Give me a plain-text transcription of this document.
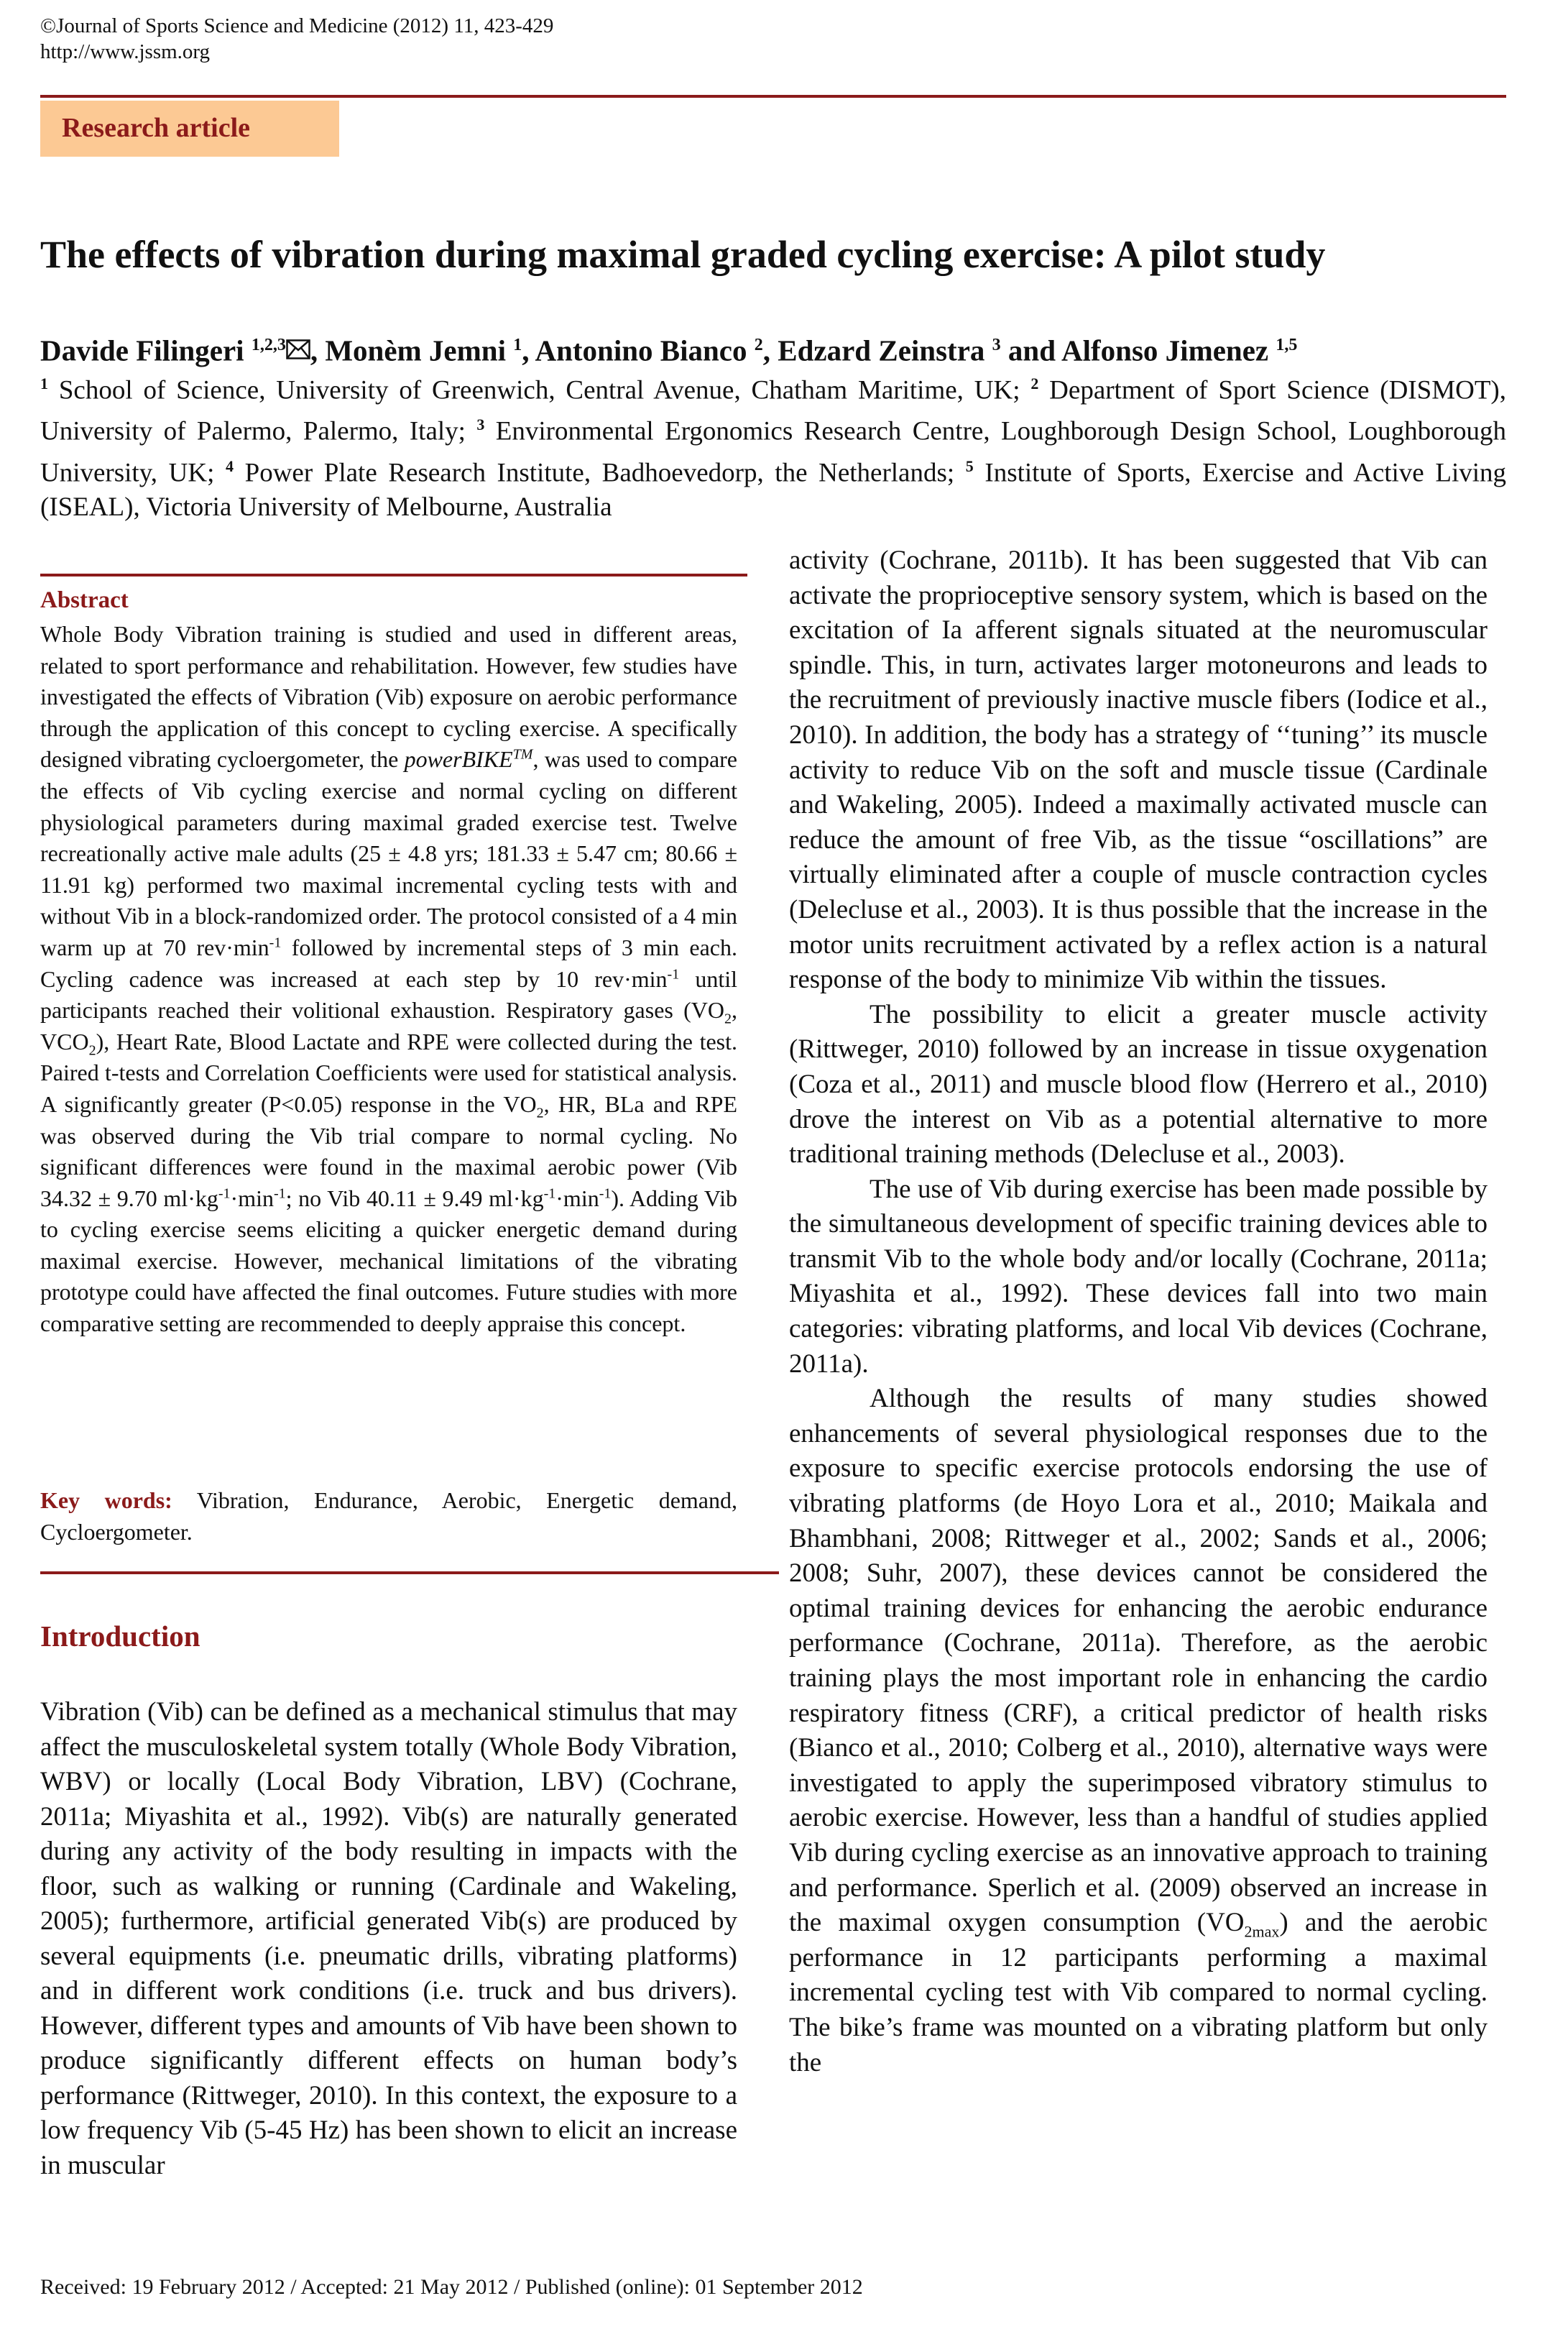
©Journal of Sports Science and Medicine (2012) 11, 423-429
http://www.jssm.org
Research article
The effects of vibration during maximal graded cycling exercise: A pilot study
Davide Filingeri $^{1,2,3}$ , Monèm Jemni $^1$, Antonino Bianco $^2$, Edzard Zeinstra $^3$ and Alfonso Jimenez $^{1,5}$
$^1$ School of Science, University of Greenwich, Central Avenue, Chatham Maritime, UK; $^2$ Department of Sport Science (DISMOT), University of Palermo, Palermo, Italy; $^3$ Environmental Ergonomics Research Centre, Loughborough Design School, Loughborough University, UK; $^4$ Power Plate Research Institute, Badhoevedorp, the Netherlands; $^5$ Institute of Sports, Exercise and Active Living (ISEAL), Victoria University of Melbourne, Australia
Abstract
Whole Body Vibration training is studied and used in different areas, related to sport performance and rehabilitation. However, few studies have investigated the effects of Vibration (Vib) exposure on aerobic performance through the application of this concept to cycling exercise. A specifically designed vibrating cycloergometer, the powerBIKE™, was used to compare the effects of Vib cycling exercise and normal cycling on different physiological parameters during maximal graded exercise test. Twelve recreationally active male adults (25 ± 4.8 yrs; 181.33 ± 5.47 cm; 80.66 ± 11.91 kg) performed two maximal incremental cycling tests with and without Vib in a block-randomized order. The protocol consisted of a 4 min warm up at 70 $rev\cdot\min^{-1}$ followed by incremental steps of 3 min each. Cycling cadence was increased at each step by 10 $rev\cdot\min^{-1}$ until participants reached their volitional exhaustion. Respiratory gases ($VO_2$, $VCO_2$), Heart Rate, Blood Lactate and RPE were collected during the test. Paired t-tests and Correlation Coefficients were used for statistical analysis. A significantly greater (P<0.05) response in the $VO_2$, HR, BLa and RPE was observed during the Vib trial compare to normal cycling. No significant differences were found in the maximal aerobic power (Vib 34.32 ± 9.70 $ml\cdot kg^{-1}\cdot\min^{-1}$; no Vib 40.11 ± 9.49 $ml\cdot kg^{-1}\cdot\min^{-1}$). Adding Vib to cycling exercise seems eliciting a quicker energetic demand during maximal exercise. However, mechanical limitations of the vibrating prototype could have affected the final outcomes. Future studies with more comparative setting are recommended to deeply appraise this concept.
Key words: Vibration, Endurance, Aerobic, Energetic demand, Cycloergometer.
Introduction
Vibration (Vib) can be defined as a mechanical stimulus that may affect the musculoskeletal system totally (Whole Body Vibration, WBV) or locally (Local Body Vibration, LBV) (Cochrane, 2011a; Miyashita et al., 1992). Vib(s) are naturally generated during any activity of the body resulting in impacts with the floor, such as walking or running (Cardinale and Wakeling, 2005); furthermore, artificial generated Vib(s) are produced by several equipments (i.e. pneumatic drills, vibrating platforms) and in different work conditions (i.e. truck and bus drivers). However, different types and amounts of Vib have been shown to produce significantly different effects on human body’s performance (Rittweger, 2010). In this context, the exposure to a low frequency Vib (5-45 Hz) has been shown to elicit an increase in muscular

activity (Cochrane, 2011b). It has been suggested that Vib can activate the proprioceptive sensory system, which is based on the excitation of Ia afferent signals situated at the neuromuscular spindle. This, in turn, activates larger motoneurons and leads to the recruitment of previously inactive muscle fibers (Iodice et al., 2010). In addition, the body has a strategy of ‘‘tuning’’ its muscle activity to reduce Vib on the soft and muscle tissue (Cardinale and Wakeling, 2005). Indeed a maximally activated muscle can reduce the amount of free Vib, as the tissue “oscillations” are virtually eliminated after a couple of muscle contraction cycles (Delecluse et al., 2003). It is thus possible that the increase in the motor units recruitment activated by a reflex action is a natural response of the body to minimize Vib within the tissues.

The possibility to elicit a greater muscle activity (Rittweger, 2010) followed by an increase in tissue oxygenation (Coza et al., 2011) and muscle blood flow (Herrero et al., 2010) drove the interest on Vib as a potential alternative to more traditional training methods (Delecluse et al., 2003).

The use of Vib during exercise has been made possible by the simultaneous development of specific training devices able to transmit Vib to the whole body and/or locally (Cochrane, 2011a; Miyashita et al., 1992). These devices fall into two main categories: vibrating platforms, and local Vib devices (Cochrane, 2011a).

Although the results of many studies showed enhancements of several physiological responses due to the exposure to specific exercise protocols endorsing the use of vibrating platforms (de Hoyo Lora et al., 2010; Maikala and Bhambhani, 2008; Rittweger et al., 2002; Sands et al., 2006; 2008; Suhr, 2007), these devices cannot be considered the optimal training devices for enhancing the aerobic endurance performance (Cochrane, 2011a). Therefore, as the aerobic training plays the most important role in enhancing the cardio respiratory fitness (CRF), a critical predictor of health risks (Bianco et al., 2010; Colberg et al., 2010), alternative ways were investigated to apply the superimposed vibratory stimulus to aerobic exercise. However, less than a handful of studies applied Vib during cycling exercise as an innovative approach to training and performance. Sperlich et al. (2009) observed an increase in the maximal oxygen consumption $(VO_{2max})$ and the aerobic performance in 12 participants performing a maximal incremental cycling test with Vib compared to normal cycling. The bike’s frame was mounted on a vibrating platform but only the

Received: 19 February 2012 / Accepted: 21 May 2012 / Published (online): 01 September 2012
